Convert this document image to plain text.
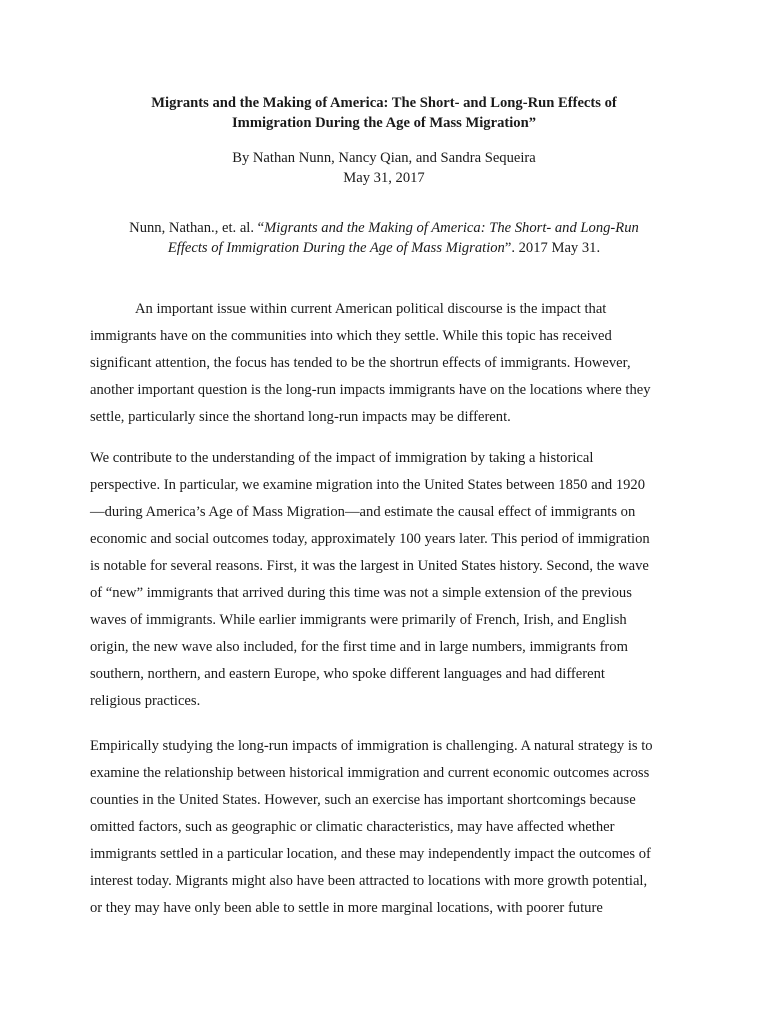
Migrants and the Making of America: The Short- and Long-Run Effects of
Immigration During the Age of Mass Migration”
By Nathan Nunn, Nancy Qian, and Sandra Sequeira
May 31, 2017
Nunn, Nathan., et. al. “Migrants and the Making of America: The Short- and Long-Run
Effects of Immigration During the Age of Mass Migration”. 2017 May 31.
An important issue within current American political discourse is the impact that
immigrants have on the communities into which they settle. While this topic has received
significant attention, the focus has tended to be the shortrun effects of immigrants. However,
another important question is the long-run impacts immigrants have on the locations where they
settle, particularly since the shortand long-run impacts may be different.
We contribute to the understanding of the impact of immigration by taking a historical
perspective. In particular, we examine migration into the United States between 1850 and 1920
—during America’s Age of Mass Migration—and estimate the causal effect of immigrants on
economic and social outcomes today, approximately 100 years later. This period of immigration
is notable for several reasons. First, it was the largest in United States history. Second, the wave
of “new” immigrants that arrived during this time was not a simple extension of the previous
waves of immigrants. While earlier immigrants were primarily of French, Irish, and English
origin, the new wave also included, for the first time and in large numbers, immigrants from
southern, northern, and eastern Europe, who spoke different languages and had different
religious practices.
Empirically studying the long-run impacts of immigration is challenging. A natural strategy is to
examine the relationship between historical immigration and current economic outcomes across
counties in the United States. However, such an exercise has important shortcomings because
omitted factors, such as geographic or climatic characteristics, may have affected whether
immigrants settled in a particular location, and these may independently impact the outcomes of
interest today. Migrants might also have been attracted to locations with more growth potential,
or they may have only been able to settle in more marginal locations, with poorer future
